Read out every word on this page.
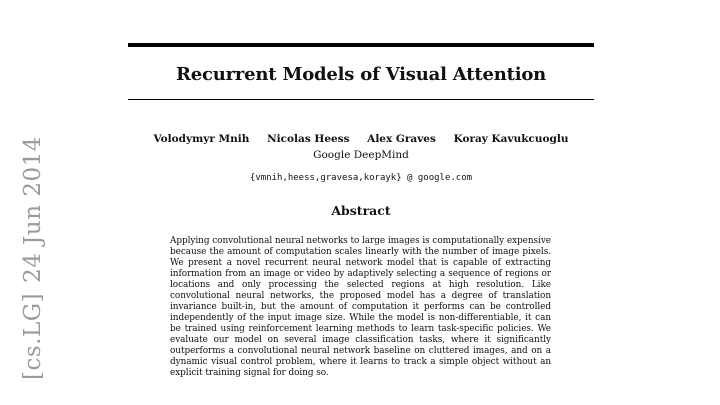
[cs.LG]24 Jun 2014
Recurrent Models of Visual Attention
Volodymyr Mnih Nicolas Heess Alex Graves Koray Kavukcuoglu
Google DeepMind
{vmnih,heess,gravesa,korayk} @ google.com
Abstract
Applying convolutional neural networks to large images is computationally expensive because the amount of computation scales linearly with the number of image pixels. We present a novel recurrent neural network model that is capable of extracting information from an image or video by adaptively selecting a sequence of regions or locations and only processing the selected regions at high resolution. Like convolutional neural networks, the proposed model has a degree of translation invariance built-in, but the amount of computation it performs can be controlled independently of the input image size. While the model is non-differentiable, it can be trained using reinforcement learning methods to learn task-specific policies. We evaluate our model on several image classification tasks, where it significantly outperforms a convolutional neural network baseline on cluttered images, and on a dynamic visual control problem, where it learns to track a simple object without an explicit training signal for doing so.
